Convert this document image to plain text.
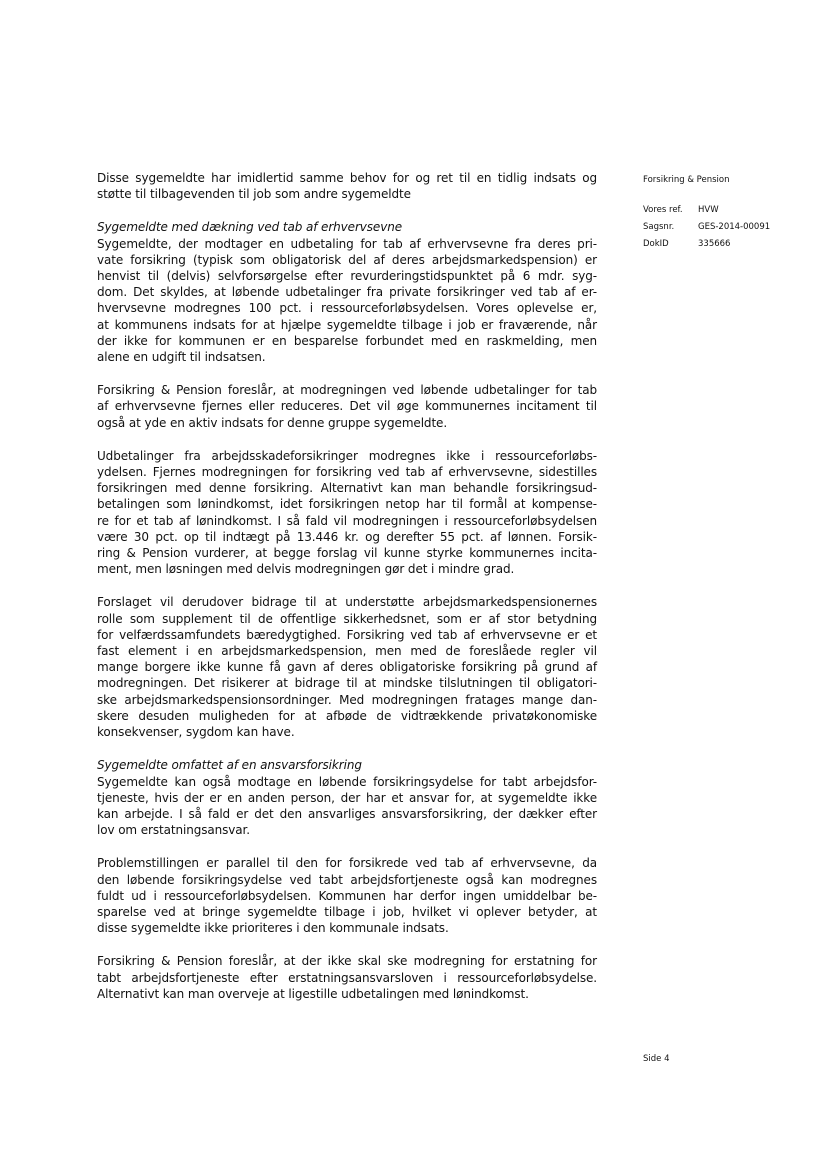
Disse sygemeldte har imidlertid samme behov for og ret til en tidlig indsats og
støtte til tilbagevenden til job som andre sygemeldte

Sygemeldte med dækning ved tab af erhvervsevne

Sygemeldte, der modtager en udbetaling for tab af erhvervsevne fra deres pri-
vate forsikring (typisk som obligatorisk del af deres arbejdsmarkedspension) er
henvist til (delvis) selvforsørgelse efter revurderingstidspunktet på 6 mdr. syg-
dom. Det skyldes, at løbende udbetalinger fra private forsikringer ved tab af er-
hvervsevne modregnes 100 pct. i ressourceforløbsydelsen. Vores oplevelse er,
at kommunens indsats for at hjælpe sygemeldte tilbage i job er fraværende, når
der ikke for kommunen er en besparelse forbundet med en raskmelding, men
alene en udgift til indsatsen.

Forsikring & Pension foreslår, at modregningen ved løbende udbetalinger for tab
af erhvervsevne fjernes eller reduceres. Det vil øge kommunernes incitament til
også at yde en aktiv indsats for denne gruppe sygemeldte.

Udbetalinger fra arbejdsskadeforsikringer modregnes ikke i ressourceforløbs-
ydelsen. Fjernes modregningen for forsikring ved tab af erhvervsevne, sidestilles
forsikringen med denne forsikring. Alternativt kan man behandle forsikringsud-
betalingen som lønindkomst, idet forsikringen netop har til formål at kompense-
re for et tab af lønindkomst. I så fald vil modregningen i ressourceforløbsydelsen
være 30 pct. op til indtægt på 13.446 kr. og derefter 55 pct. af lønnen. Forsik-
ring & Pension vurderer, at begge forslag vil kunne styrke kommunernes incita-
ment, men løsningen med delvis modregningen gør det i mindre grad.

Forslaget vil derudover bidrage til at understøtte arbejdsmarkedspensionernes
rolle som supplement til de offentlige sikkerhedsnet, som er af stor betydning
for velfærdssamfundets bæredygtighed. Forsikring ved tab af erhvervsevne er et
fast element i en arbejdsmarkedspension, men med de foreslåede regler vil
mange borgere ikke kunne få gavn af deres obligatoriske forsikring på grund af
modregningen. Det risikerer at bidrage til at mindske tilslutningen til obligatori-
ske arbejdsmarkedspensionsordninger. Med modregningen fratages mange dan-
skere desuden muligheden for at afbøde de vidtrækkende privatøkonomiske
konsekvenser, sygdom kan have.

Sygemeldte omfattet af en ansvarsforsikring

Sygemeldte kan også modtage en løbende forsikringsydelse for tabt arbejdsfor-
tjeneste, hvis der er en anden person, der har et ansvar for, at sygemeldte ikke
kan arbejde. I så fald er det den ansvarliges ansvarsforsikring, der dækker efter
lov om erstatningsansvar.

Problemstillingen er parallel til den for forsikrede ved tab af erhvervsevne, da
den løbende forsikringsydelse ved tabt arbejdsfortjeneste også kan modregnes
fuldt ud i ressourceforløbsydelsen. Kommunen har derfor ingen umiddelbar be-
sparelse ved at bringe sygemeldte tilbage i job, hvilket vi oplever betyder, at
disse sygemeldte ikke prioriteres i den kommunale indsats.

Forsikring & Pension foreslår, at der ikke skal ske modregning for erstatning for
tabt arbejdsfortjeneste efter erstatningsansvarsloven i ressourceforløbsydelse.
Alternativt kan man overveje at ligestille udbetalingen med lønindkomst.

Forsikring & Pension
Vores ref.	HVW
Sagsnr.	GES-2014-00091
DokID	335666
Side 4
